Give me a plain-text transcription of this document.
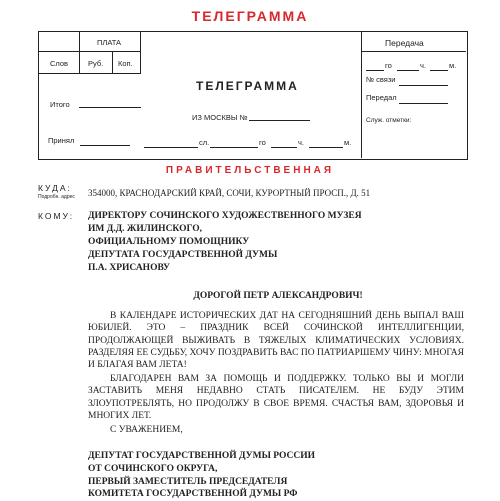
ТЕЛЕГРАММА
ПЛАТА
Слов	Руб. Коп.
Итого
Принял
ТЕЛЕГРАММА
ИЗ МОСКВЫ №
сл.	го	ч.	м.
Передача
го	ч.	м.
№ связи
Передал
Служ. отметки:
ПРАВИТЕЛЬСТВЕННАЯ
КУДА:
Подробн. адрес 354000, КРАСНОДАРСКИЙ КРАЙ, СОЧИ, КУРОРТНЫЙ ПРОСП., Д. 51
КОМУ: ДИРЕКТОРУ СОЧИНСКОГО ХУДОЖЕСТВЕННОГО МУЗЕЯ
ИМ Д.Д. ЖИЛИНСКОГО,
ОФИЦИАЛЬНОМУ ПОМОЩНИКУ
ДЕПУТАТА ГОСУДАРСТВЕННОЙ ДУМЫ
П.А. ХРИСАНОВУ
ДОРОГОЙ ПЕТР АЛЕКСАНДРОВИЧ!
В КАЛЕНДАРЕ ИСТОРИЧЕСКИХ ДАТ НА СЕГОДНЯШНИЙ ДЕНЬ ВЫПАЛ ВАШ ЮБИЛЕЙ. ЭТО – ПРАЗДНИК ВСЕЙ СОЧИНСКОЙ ИНТЕЛЛИГЕНЦИИ, ПРОДОЛЖАЮЩЕЙ ВЫЖИВАТЬ В ТЯЖЕЛЫХ КЛИМАТИЧЕСКИХ УСЛОВИЯХ. РАЗДЕЛЯЯ ЕЕ СУДЬБУ, ХОЧУ ПОЗДРАВИТЬ ВАС ПО ПАТРИАРШЕМУ ЧИНУ: МНОГАЯ И БЛАГАЯ ВАМ ЛЕТА!
БЛАГОДАРЕН ВАМ ЗА ПОМОЩЬ И ПОДДЕРЖКУ. ТОЛЬКО ВЫ И МОГЛИ ЗАСТАВИТЬ МЕНЯ НЕДАВНО СТАТЬ ПИСАТЕЛЕМ. НЕ БУДУ ЭТИМ ЗЛОУПОТРЕБЛЯТЬ, НО ПРОДОЛЖУ В СВОЕ ВРЕМЯ. СЧАСТЬЯ ВАМ, ЗДОРОВЬЯ И МНОГИХ ЛЕТ.
С УВАЖЕНИЕМ,
ДЕПУТАТ ГОСУДАРСТВЕННОЙ ДУМЫ РОССИИ
ОТ СОЧИНСКОГО ОКРУГА,
ПЕРВЫЙ ЗАМЕСТИТЕЛЬ ПРЕДСЕДАТЕЛЯ
КОМИТЕТА ГОСУДАРСТВЕННОЙ ДУМЫ РФ
